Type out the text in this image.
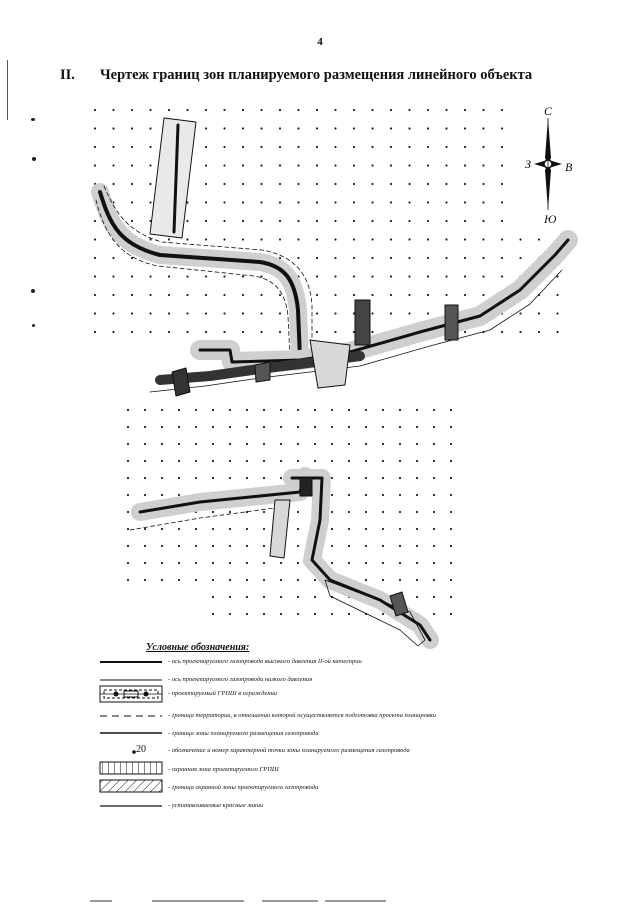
4
II. Чертеж границ зон планируемого размещения линейного объекта
С
З	В
Ю
Условные обозначения:
- ось проектируемого газопровода высокого давления II-ой категории
- ось проектируемого газопровода низкого давления
- проектируемый ГРПШ в ограждении
- граница территории, в отношении которой осуществляется подготовка проекта планировки
- граница зоны планируемого размещения газопровода
20	- обозначение и номер характерной точки зоны планируемого размещения газопровода
- охранная зона проектируемого ГРПШ
- граница охранной зоны проектируемого газопровода
- устанавливаемые красные линии
